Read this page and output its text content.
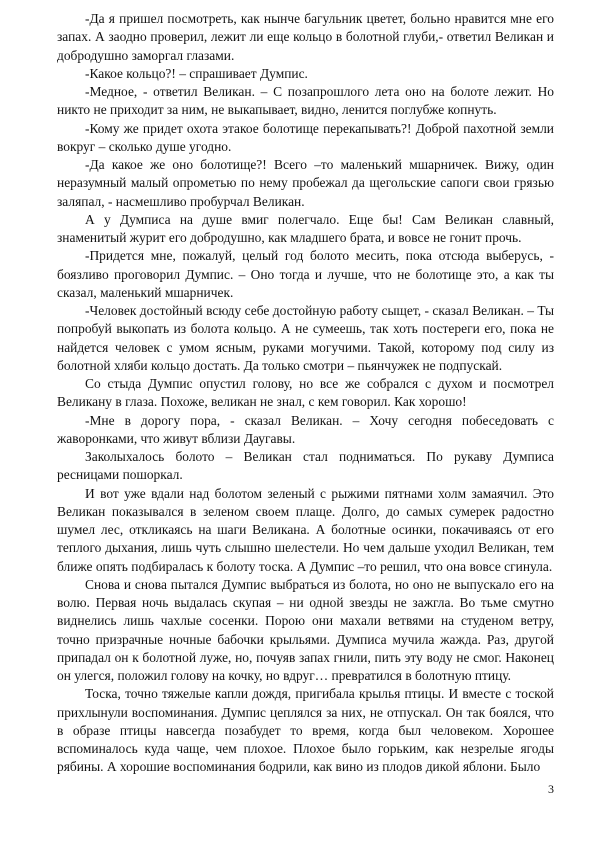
-Да я пришел посмотреть, как нынче багульник цветет, больно нравится мне его запах. А заодно проверил, лежит ли еще кольцо в болотной глуби,- ответил Великан и добродушно заморгал глазами.

-Какое кольцо?! – спрашивает Думпис.

-Медное, - ответил Великан. – С позапрошлого лета оно на болоте лежит. Но никто не приходит за ним, не выкапывает, видно, ленится поглубже копнуть.

-Кому же придет охота этакое болотище перекапывать?! Доброй пахотной земли вокруг – сколько душе угодно.

-Да какое же оно болотище?! Всего –то маленький мшарничек. Вижу, один неразумный малый опрометью по нему пробежал да щегольские сапоги свои грязью заляпал, - насмешливо пробурчал Великан.

А у Думписа на душе вмиг полегчало. Еще бы! Сам Великан славный, знаменитый журит его добродушно, как младшего брата, и вовсе не гонит прочь.

-Придется мне, пожалуй, целый год болото месить, пока отсюда выберусь, - боязливо проговорил Думпис. – Оно тогда и лучше, что не болотище это, а как ты сказал, маленький мшарничек.

-Человек достойный всюду себе достойную работу сыщет, - сказал Великан. – Ты попробуй выкопать из болота кольцо. А не сумеешь, так хоть постереги его, пока не найдется человек с умом ясным, руками могучими. Такой, которому под силу из болотной хляби кольцо достать. Да только смотри – пьянчужек не подпускай.

Со стыда Думпис опустил голову, но все же собрался с духом и посмотрел Великану в глаза. Похоже, великан не знал, с кем говорил. Как хорошо!

-Мне в дорогу пора, - сказал Великан. – Хочу сегодня побеседовать с жаворонками, что живут вблизи Даугавы.

Заколыхалось болото – Великан стал подниматься. По рукаву Думписа ресницами пошоркал.

И вот уже вдали над болотом зеленый с рыжими пятнами холм замаячил. Это Великан показывался в зеленом своем плаще. Долго, до самых сумерек радостно шумел лес, откликаясь на шаги Великана. А болотные осинки, покачиваясь от его теплого дыхания, лишь чуть слышно шелестели. Но чем дальше уходил Великан, тем ближе опять подбиралась к болоту тоска. А Думпис –то решил, что она вовсе сгинула.

Снова и снова пытался Думпис выбраться из болота, но оно не выпускало его на волю. Первая ночь выдалась скупая – ни одной звезды не зажгла. Во тьме смутно виднелись лишь чахлые сосенки. Порою они махали ветвями на студеном ветру, точно призрачные ночные бабочки крыльями. Думписа мучила жажда. Раз, другой припадал он к болотной луже, но, почуяв запах гнили, пить эту воду не смог. Наконец он улегся, положил голову на кочку, но вдруг… превратился в болотную птицу.

Тоска, точно тяжелые капли дождя, пригибала крылья птицы. И вместе с тоской прихлынули воспоминания. Думпис цеплялся за них, не отпускал. Он так боялся, что в образе птицы навсегда позабудет то время, когда был человеком. Хорошее вспоминалось куда чаще, чем плохое. Плохое было горьким, как незрелые ягоды рябины. А хорошие воспоминания бодрили, как вино из плодов дикой яблони. Было

3
